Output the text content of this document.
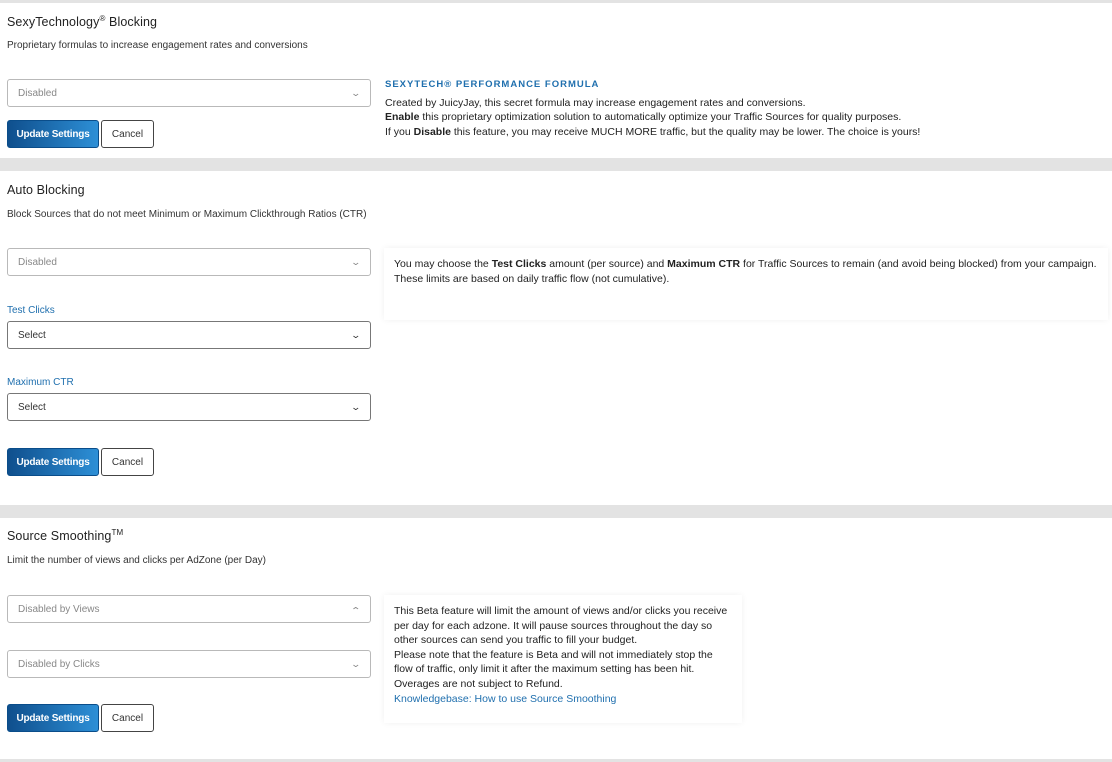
SexyTechnology® Blocking
Proprietary formulas to increase engagement rates and conversions
Disabled	⌄
Update Settings	Cancel
SEXYTECH® PERFORMANCE FORMULA
Created by JuicyJay, this secret formula may increase engagement rates and conversions.
Enable this proprietary optimization solution to automatically optimize your Traffic Sources for quality purposes.
If you Disable this feature, you may receive MUCH MORE traffic, but the quality may be lower. The choice is yours!
Auto Blocking
Block Sources that do not meet Minimum or Maximum Clickthrough Ratios (CTR)
Disabled	⌄
Test Clicks
Select	⌄
Maximum CTR
Select	⌄
Update Settings	Cancel
You may choose the Test Clicks amount (per source) and Maximum CTR for Traffic Sources to remain (and avoid being blocked) from your campaign.
These limits are based on daily traffic flow (not cumulative).
Source Smoothing™
Limit the number of views and clicks per AdZone (per Day)
Disabled by Views	⌄
Disabled by Clicks	⌄
Update Settings	Cancel
This Beta feature will limit the amount of views and/or clicks you receive per day for each adzone. It will pause sources throughout the day so other sources can send you traffic to fill your budget.
Please note that the feature is Beta and will not immediately stop the flow of traffic, only limit it after the maximum setting has been hit.
Overages are not subject to Refund.
Knowledgebase: How to use Source Smoothing
